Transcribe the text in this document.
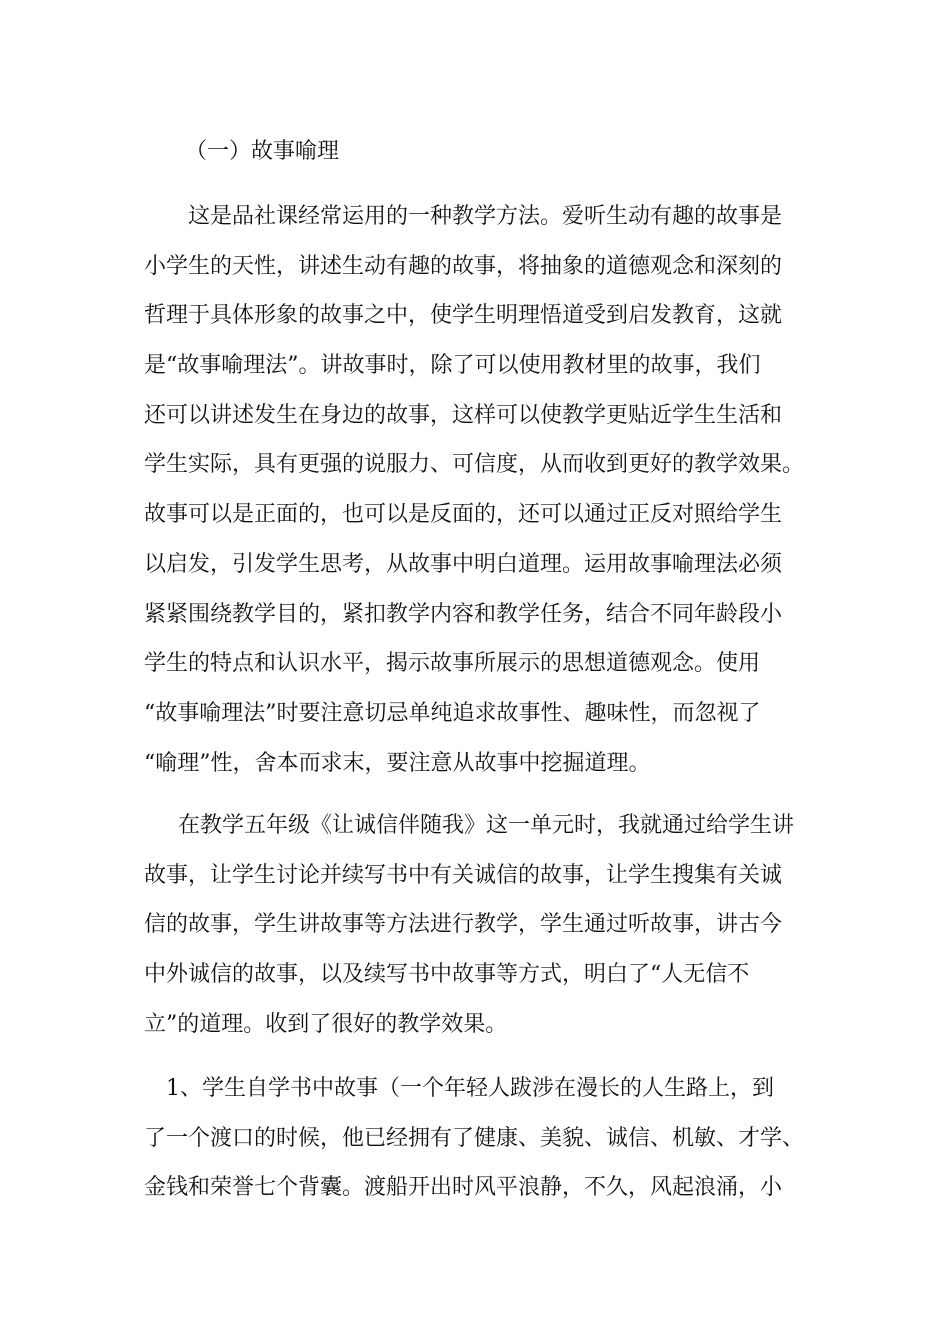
（一）故事喻理
这是品社课经常运用的一种教学方法。爱听生动有趣的故事是
小学生的天性，讲述生动有趣的故事，将抽象的道德观念和深刻的
哲理于具体形象的故事之中，使学生明理悟道受到启发教育，这就
是“故事喻理法”。讲故事时，除了可以使用教材里的故事，我们
还可以讲述发生在身边的故事，这样可以使教学更贴近学生生活和
学生实际，具有更强的说服力、可信度，从而收到更好的教学效果。
故事可以是正面的，也可以是反面的，还可以通过正反对照给学生
以启发，引发学生思考，从故事中明白道理。运用故事喻理法必须
紧紧围绕教学目的，紧扣教学内容和教学任务，结合不同年龄段小
学生的特点和认识水平，揭示故事所展示的思想道德观念。使用
“故事喻理法”时要注意切忌单纯追求故事性、趣味性，而忽视了
“喻理”性，舍本而求末，要注意从故事中挖掘道理。
在教学五年级《让诚信伴随我》这一单元时，我就通过给学生讲
故事，让学生讨论并续写书中有关诚信的故事，让学生搜集有关诚
信的故事，学生讲故事等方法进行教学，学生通过听故事，讲古今
中外诚信的故事，以及续写书中故事等方式，明白了“人无信不
立”的道理。收到了很好的教学效果。
1、学生自学书中故事（一个年轻人跋涉在漫长的人生路上，到
了一个渡口的时候，他已经拥有了健康、美貌、诚信、机敏、才学、
金钱和荣誉七个背囊。渡船开出时风平浪静，不久，风起浪涌，小
